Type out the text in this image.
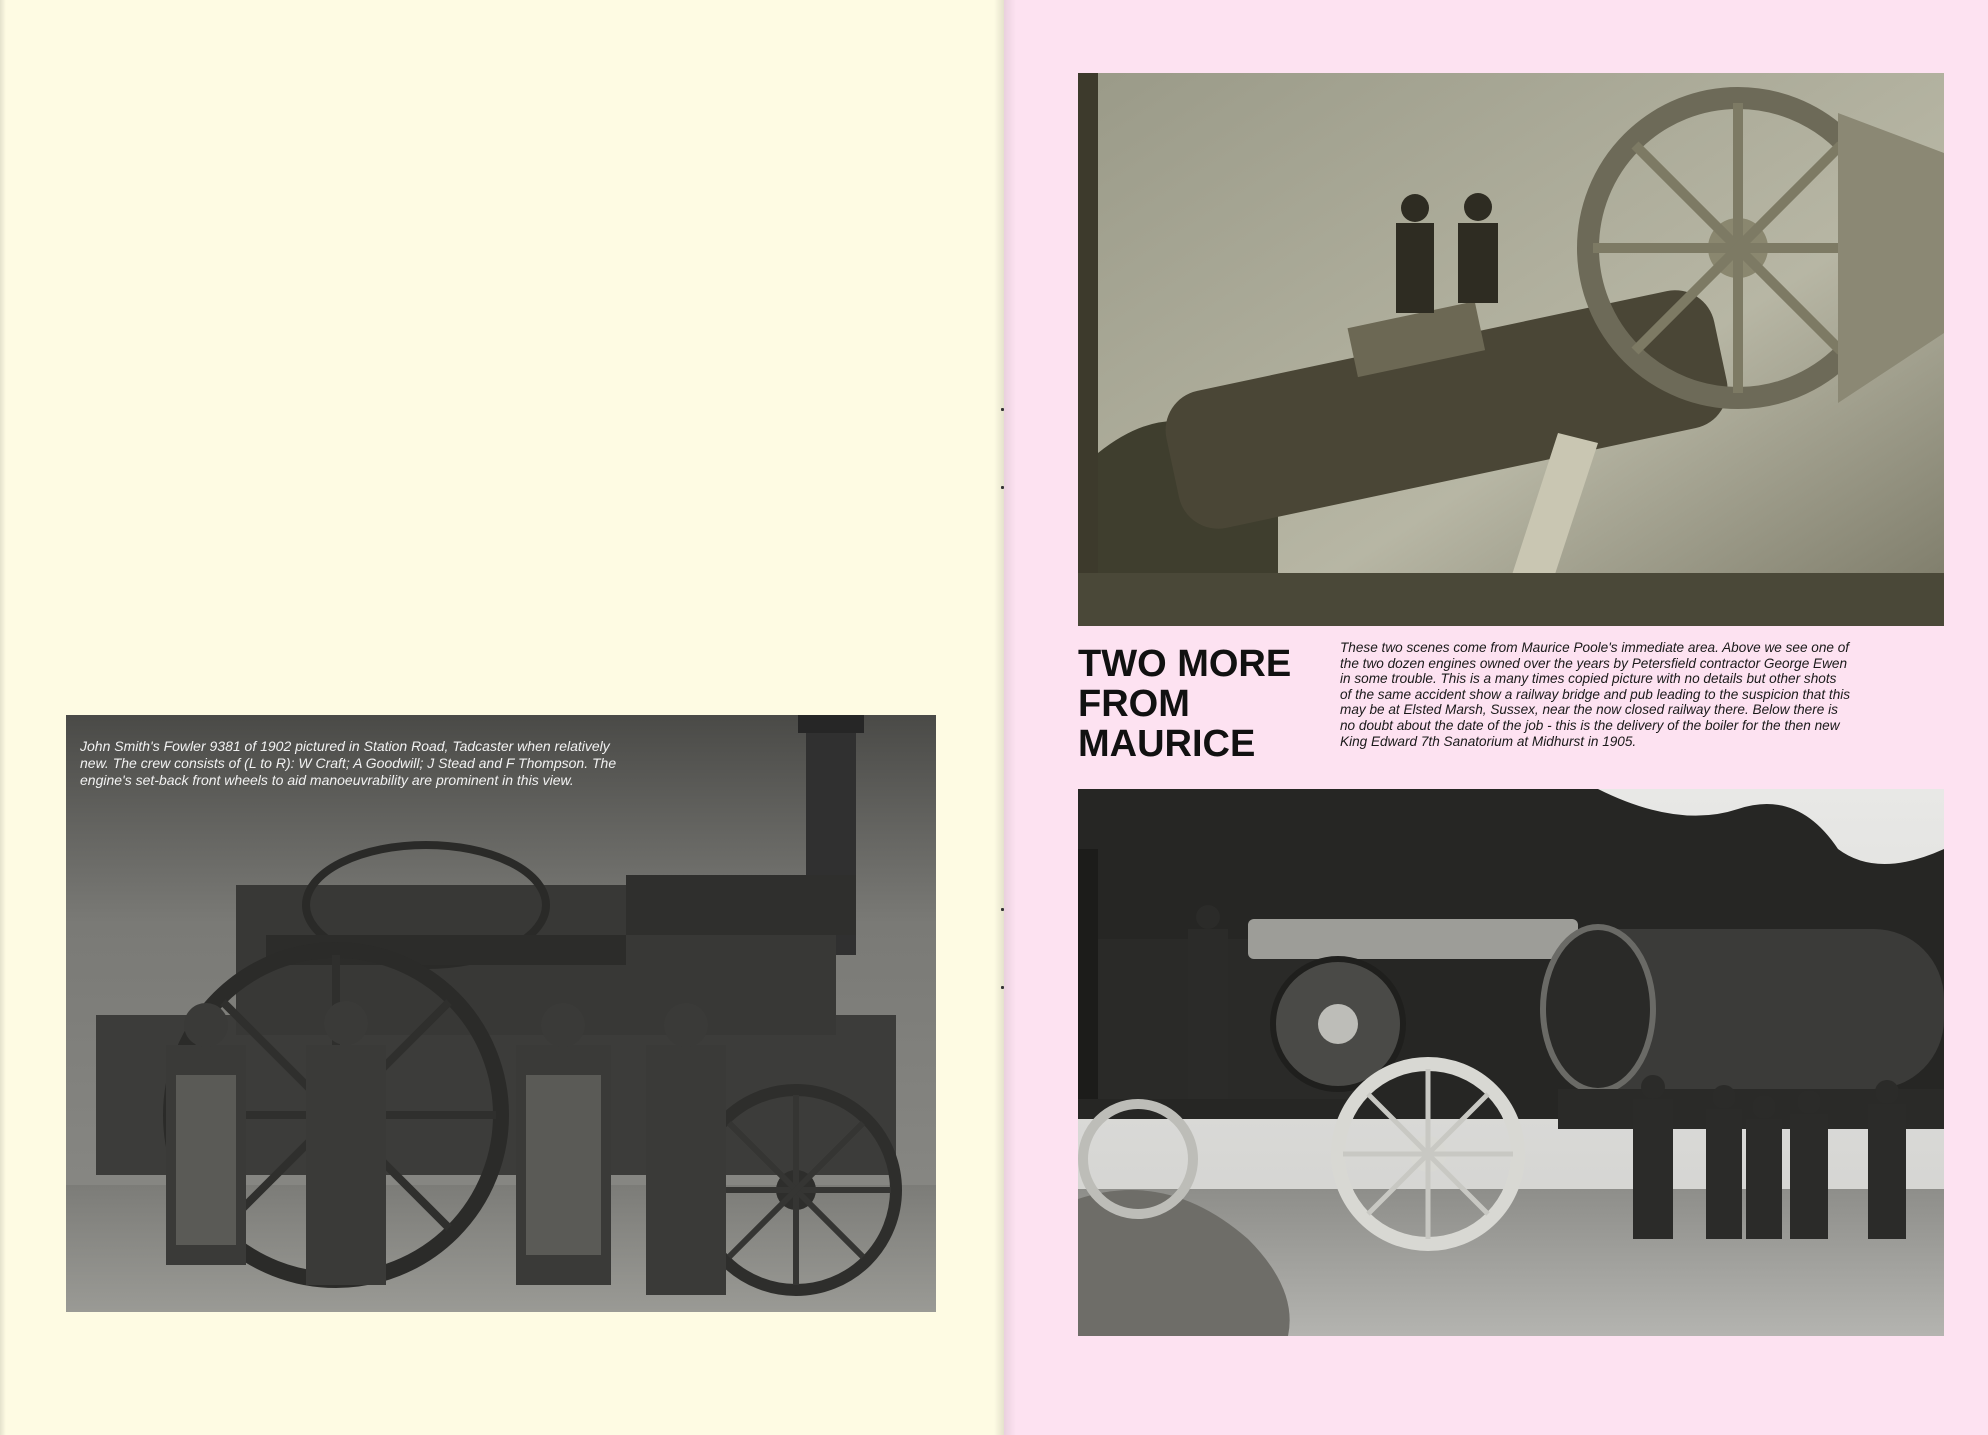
John Smith's Fowler 9381 of 1902 pictured in Station Road, Tadcaster when relatively
new. The crew consists of (L to R): W Craft; A Goodwill; J Stead and F Thompson. The
engine's set-back front wheels to aid manoeuvrability are prominent in this view.
TWO MORE
FROM
MAURICE
These two scenes come from Maurice Poole's immediate area. Above we see one of
the two dozen engines owned over the years by Petersfield contractor George Ewen
in some trouble. This is a many times copied picture with no details but other shots
of the same accident show a railway bridge and pub leading to the suspicion that this
may be at Elsted Marsh, Sussex, near the now closed railway there. Below there is
no doubt about the date of the job - this is the delivery of the boiler for the then new
King Edward 7th Sanatorium at Midhurst in 1905.
